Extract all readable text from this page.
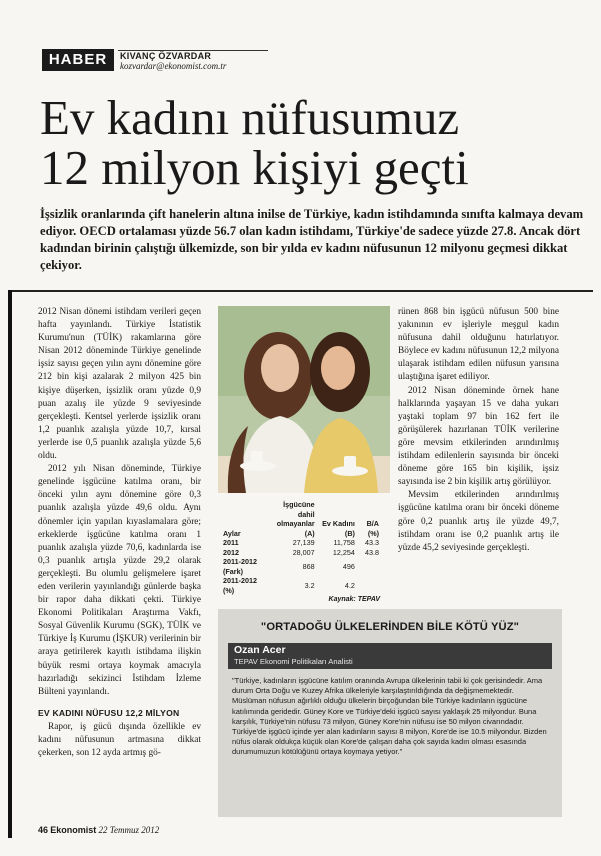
HABER	KIVANÇ ÖZVARDAR
kozvardar@ekonomist.com.tr
Ev kadını nüfusumuz
12 milyon kişiyi geçti
İşsizlik oranlarında çift hanelerin altına inilse de Türkiye, kadın istihdamında sınıfta kalmaya devam ediyor. OECD ortalaması yüzde 56.7 olan kadın istihdamı, Türkiye'de sadece yüzde 27.8. Ancak dört kadından birinin çalıştığı ülkemizde, son bir yılda ev kadını nüfusunun 12 milyonu geçmesi dikkat çekiyor.

2012 Nisan dönemi istihdam verileri geçen hafta yayınlandı. Türkiye İstatistik Kurumu'nun (TÜİK) rakamlarına göre Nisan 2012 döneminde Türkiye genelinde işsiz sayısı geçen yılın aynı dönemine göre 212 bin kişi azalarak 2 milyon 425 bin kişiye düşerken, işsizlik oranı yüzde 0,9 puan azalış ile yüzde 9 seviyesinde gerçekleşti. Kentsel yerlerde işsizlik oranı 1,2 puanlık azalışla yüzde 10,7, kırsal yerlerde ise 0,5 puanlık azalışla yüzde 5,6 oldu.

2012 yılı Nisan döneminde, Türkiye genelinde işgücüne katılma oranı, bir önceki yılın aynı dönemine göre 0,3 puanlık azalışla yüzde 49,6 oldu. Aynı dönemler için yapılan kıyaslamalara göre; erkeklerde işgücüne katılma oranı 1 puanlık azalışla yüzde 70,6, kadınlarda ise 0,3 puanlık artışla yüzde 29,2 olarak gerçekleşti. Bu olumlu gelişmelere işaret eden verilerin yayınlandığı günlerde başka bir rapor daha dikkati çekti. Türkiye Ekonomi Politikaları Araştırma Vakfı, Sosyal Güvenlik Kurumu (SGK), TÜİK ve Türkiye İş Kurumu (İŞKUR) verilerinin bir araya getirilerek kayıtlı istihdama ilişkin büyük resmi ortaya koymak amacıyla hazırladığı sekizinci İstihdam İzleme Bülteni yayınlandı.

EV KADINI NÜFUSU 12,2 MİLYON

Rapor, iş gücü dışında özellikle ev kadını nüfusunun artmasına dikkat çekerken, son 12 ayda artmış gö-

Aylar	İşgücüne dahil olmayanlar (A)	Ev Kadını (B)	B/A (%)
2011	27,139	11,758	43.3
2012	28,007	12,254	43.8
2011-2012 (Fark)	868	496	
2011-2012 (%)	3.2	4.2	
Kaynak: TEPAV

rünen 868 bin işgücü nüfusun 500 bine yakınının ev işleriyle meşgul kadın nüfusuna dahil olduğunu hatırlatıyor. Böylece ev kadını nüfusunun 12,2 milyona ulaşarak istihdam edilen nüfusun yarısına ulaştığına işaret ediliyor.

2012 Nisan döneminde örnek hane halklarında yaşayan 15 ve daha yukarı yaştaki toplam 97 bin 162 fert ile görüşülerek hazırlanan TÜİK verilerine göre mevsim etkilerinden arındırılmış istihdam edilenlerin sayısında bir önceki döneme göre 165 bin kişilik, işsiz sayısında ise 2 bin kişilik artış görülüyor.

Mevsim etkilerinden arındırılmış işgücüne katılma oranı bir önceki döneme göre 0,2 puanlık artış ile yüzde 49,7, istihdam oranı ise 0,2 puanlık artış ile yüzde 45,2 seviyesinde gerçekleşti.

"ORTADOĞU ÜLKELERİNDEN BİLE KÖTÜ YÜZ"
Ozan Acer
TEPAV Ekonomi Politikaları Analisti
"Türkiye, kadınların işgücüne katılım oranında Avrupa ülkelerinin tabii ki çok gerisindedir. Ama durum Orta Doğu ve Kuzey Afrika ülkeleriyle karşılaştırıldığında da değişmemektedir. Müslüman nüfusun ağırlıklı olduğu ülkelerin birçoğundan bile Türkiye kadınların işgücüne katılımında geridedir. Güney Kore ve Türkiye'deki işgücü sayısı yaklaşık 25 milyondur. Buna karşılık, Türkiye'nin nüfusu 73 milyon, Güney Kore'nin nüfusu ise 50 milyon civarındadır. Türkiye'de işgücü içinde yer alan kadınların sayısı 8 milyon, Kore'de ise 10.5 milyondur. Bizden nüfus olarak oldukça küçük olan Kore'de çalışan daha çok sayıda kadın olması esasında durumumuzun kötülüğünü ortaya koymaya yetiyor."
46 Ekonomist 22 Temmuz 2012
